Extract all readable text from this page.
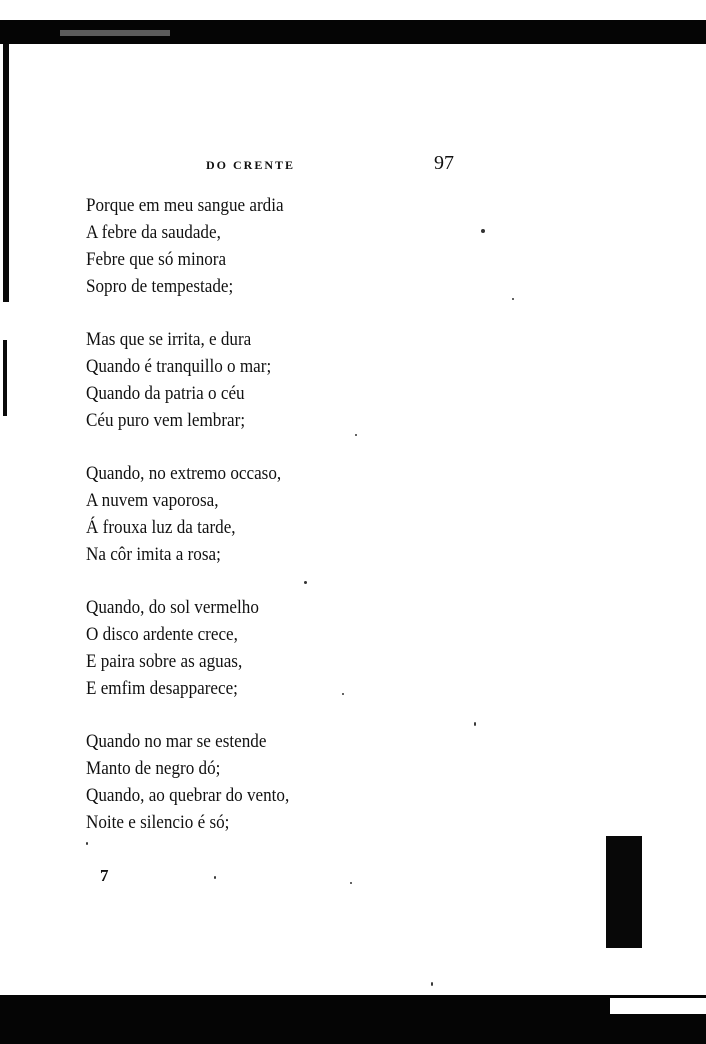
DO CRENTE	97
Porque em meu sangue ardia
A febre da saudade,
Febre que só minora
Sopro de tempestade;
Mas que se irrita, e dura
Quando é tranquillo o mar;
Quando da patria o céu
Céu puro vem lembrar;
Quando, no extremo occaso,
A nuvem vaporosa,
Á frouxa luz da tarde,
Na côr imita a rosa;
Quando, do sol vermelho
O disco ardente crece,
E paira sobre as aguas,
E emfim desapparece;
Quando no mar se estende
Manto de negro dó;
Quando, ao quebrar do vento,
Noite e silencio é só;
7
